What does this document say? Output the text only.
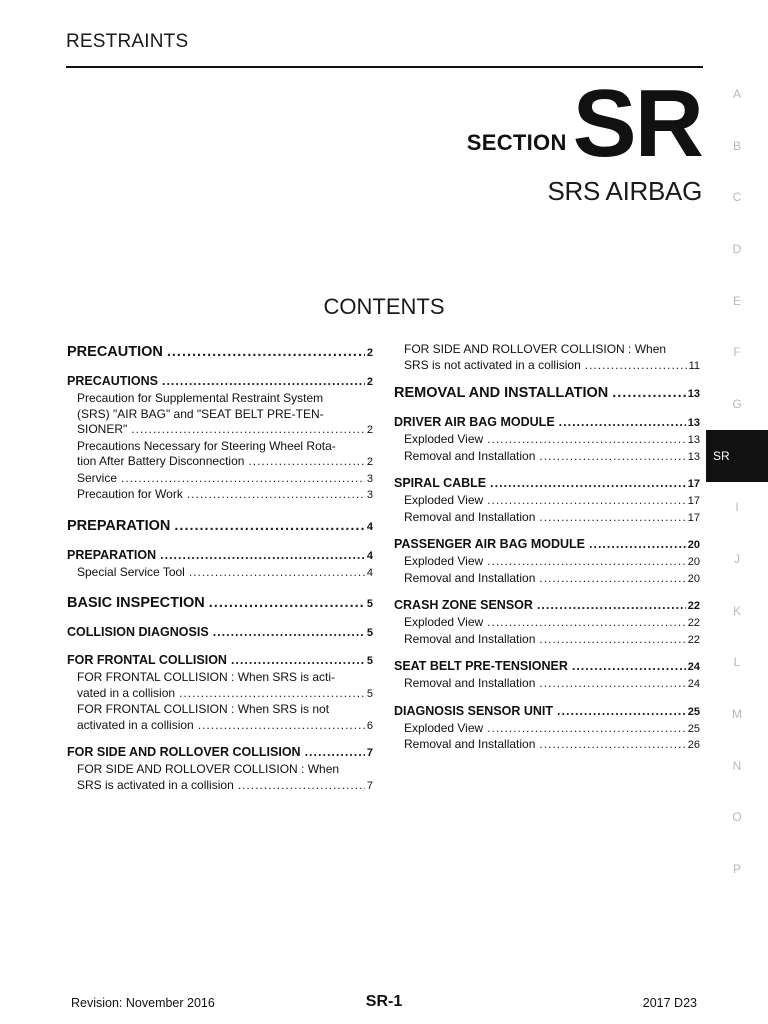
RESTRAINTS
SECTION SR
SRS AIRBAG
CONTENTS
PRECAUTION .....	2
PRECAUTIONS .....	2
Precaution for Supplemental Restraint System
(SRS) "AIR BAG" and "SEAT BELT PRE-TEN-
SIONER" .....	2
Precautions Necessary for Steering Wheel Rota-
tion After Battery Disconnection .....	2
Service .....	3
Precaution for Work .....	3
PREPARATION .....	4
PREPARATION .....	4
Special Service Tool .....	4
BASIC INSPECTION .....	5
COLLISION DIAGNOSIS .....	5
FOR FRONTAL COLLISION .....	5
FOR FRONTAL COLLISION : When SRS is acti-
vated in a collision .....	5
FOR FRONTAL COLLISION : When SRS is not
activated in a collision .....	6
FOR SIDE AND ROLLOVER COLLISION .....	7
FOR SIDE AND ROLLOVER COLLISION : When
SRS is activated in a collision .....	7
FOR SIDE AND ROLLOVER COLLISION : When
SRS is not activated in a collision .....	11
REMOVAL AND INSTALLATION .....	13
DRIVER AIR BAG MODULE .....	13
Exploded View .....	13
Removal and Installation .....	13
SPIRAL CABLE .....	17
Exploded View .....	17
Removal and Installation .....	17
PASSENGER AIR BAG MODULE .....	20
Exploded View .....	20
Removal and Installation .....	20
CRASH ZONE SENSOR .....	22
Exploded View .....	22
Removal and Installation .....	22
SEAT BELT PRE-TENSIONER .....	24
Removal and Installation .....	24
DIAGNOSIS SENSOR UNIT .....	25
Exploded View .....	25
Removal and Installation .....	26
A
B
C
D
E
F
G
SR
I
J
K
L
M
N
O
P
Revision: November 2016	SR-1	2017 D23
